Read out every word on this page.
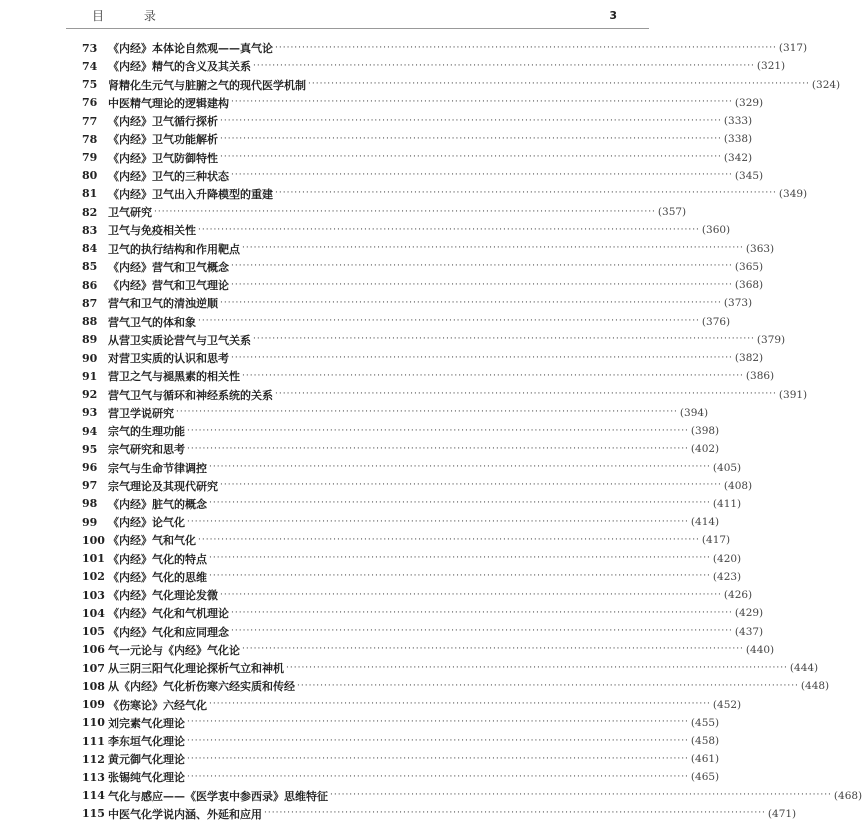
目 录	3
73 《内经》本体论自然观——真气论 ·····	(317)
74 《内经》精气的含义及其关系 ·····	(321)
75 肾精化生元气与脏腑之气的现代医学机制 ·····	(324)
76 中医精气理论的逻辑建构 ·····	(329)
77 《内经》卫气循行探析 ·····	(333)
78 《内经》卫气功能解析 ·····	(338)
79 《内经》卫气防御特性 ·····	(342)
80 《内经》卫气的三种状态 ·····	(345)
81 《内经》卫气出入升降模型的重建 ·····	(349)
82 卫气研究 ·····	(357)
83 卫气与免疫相关性 ·····	(360)
84 卫气的执行结构和作用靶点 ·····	(363)
85 《内经》营气和卫气概念 ·····	(365)
86 《内经》营气和卫气理论 ·····	(368)
87 营气和卫气的清浊逆顺 ·····	(373)
88 营气卫气的体和象 ·····	(376)
89 从营卫实质论营气与卫气关系 ·····	(379)
90 对营卫实质的认识和思考 ·····	(382)
91 营卫之气与褪黑素的相关性 ·····	(386)
92 营气卫气与循环和神经系统的关系 ·····	(391)
93 营卫学说研究 ·····	(394)
94 宗气的生理功能 ·····	(398)
95 宗气研究和思考 ·····	(402)
96 宗气与生命节律调控 ·····	(405)
97 宗气理论及其现代研究 ·····	(408)
98 《内经》脏气的概念 ·····	(411)
99 《内经》论气化 ·····	(414)
100 《内经》气和气化 ·····	(417)
101 《内经》气化的特点 ·····	(420)
102 《内经》气化的思维 ·····	(423)
103 《内经》气化理论发微 ·····	(426)
104 《内经》气化和气机理论 ·····	(429)
105 《内经》气化和应同理念 ·····	(437)
106 气一元论与《内经》气化论 ·····	(440)
107 从三阴三阳气化理论探析气立和神机 ·····	(444)
108 从《内经》气化析伤寒六经实质和传经 ·····	(448)
109 《伤寒论》六经气化 ·····	(452)
110 刘完素气化理论 ·····	(455)
111 李东垣气化理论 ·····	(458)
112 黄元御气化理论 ·····	(461)
113 张锡纯气化理论 ·····	(465)
114 气化与感应——《医学衷中参西录》思维特征 ·····	(468)
115 中医气化学说内涵、外延和应用 ·····	(471)
